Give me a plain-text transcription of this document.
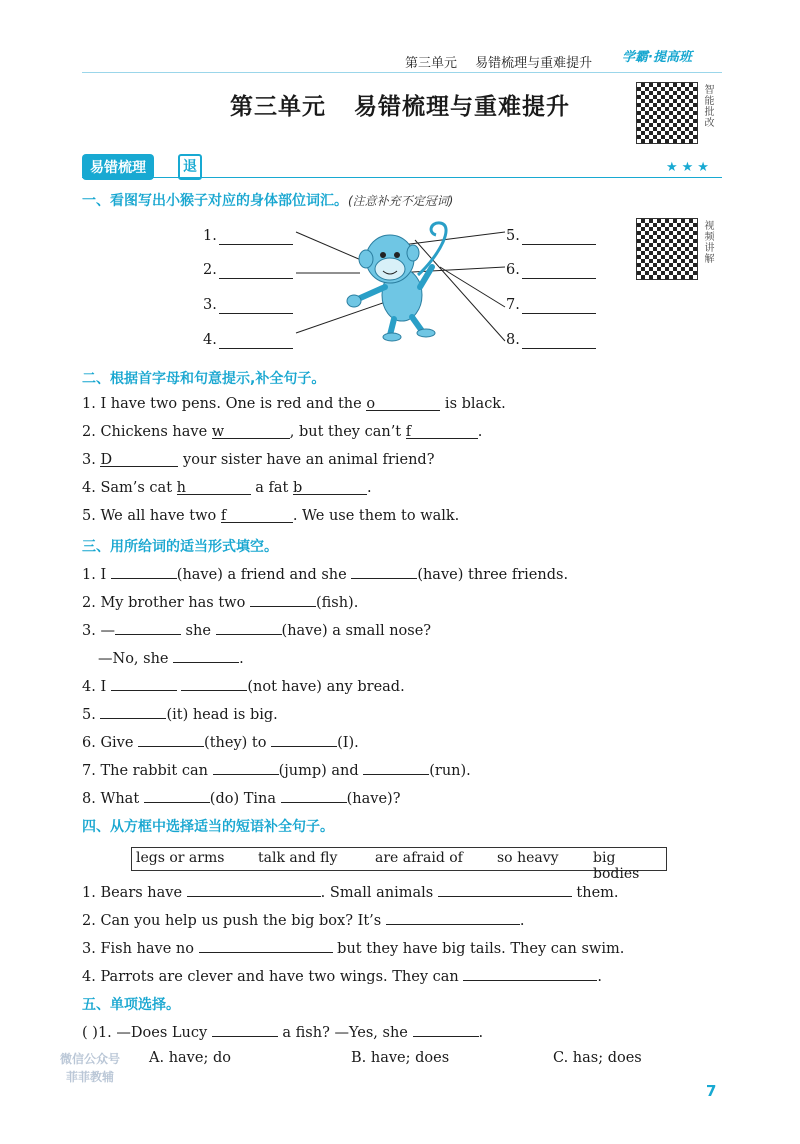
第三单元 易错梳理与重难提升	学霸·提高班
第三单元 易错梳理与重难提升	智能批改
视频讲解
易错梳理	退	★★★
一、看图写出小猴子对应的身体部位词汇。(注意补充不定冠词)
1.
2.
3.
4.
5.
6.
7.
8.
二、根据首字母和句意提示,补全句子。
1. I have two pens. One is red and the o	is black.
2. Chickens have w	, but they can’t f	.
3. D	your sister have an animal friend?
4. Sam’s cat h	a fat b	.
5. We all have two f	. We use them to walk.
三、用所给词的适当形式填空。
1. I	(have) a friend and she	(have) three friends.
2. My brother has two	(fish).
3. —	she	(have) a small nose?
—No, she	.
4. I	(not have) any bread.
5.	(it) head is big.
6. Give	(they) to	(I).
7. The rabbit can	(jump) and	(run).
8. What	(do) Tina	(have)?
四、从方框中选择适当的短语补全句子。
legs or arms talk and fly	are afraid of so heavy big bodies
1. Bears have	. Small animals	them.
2. Can you help us push the big box? It’s	.
3. Fish have no	but they have big tails. They can swim.
4. Parrots are clever and have two wings. They can	.
五、单项选择。
( )1. —Does Lucy	a fish? —Yes, she	.
A. have; do	B. have; does	C. has; does
微信公众号
菲菲教辅
7
